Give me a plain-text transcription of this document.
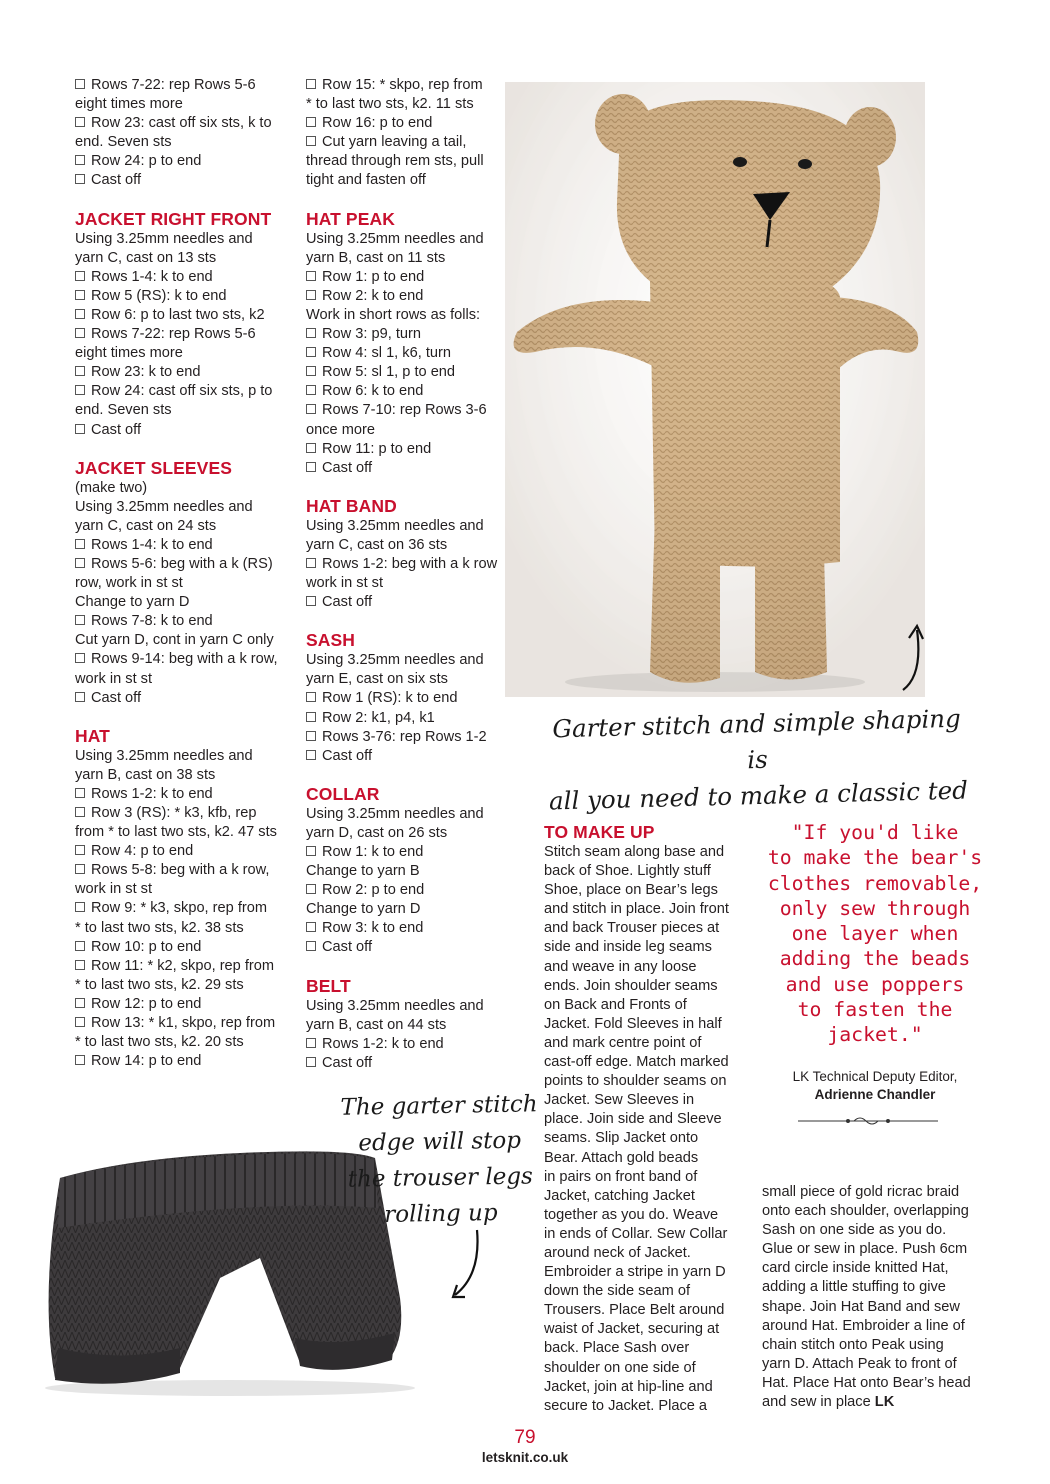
Rows 7-22: rep Rows 5-6

eight times more

Row 23: cast off six sts, k to

end. Seven sts

Row 24: p to end

Cast off

JACKET RIGHT FRONT

Using 3.25mm needles and

yarn C, cast on 13 sts

Rows 1-4: k to end

Row 5 (RS): k to end

Row 6: p to last two sts, k2

Rows 7-22: rep Rows 5-6

eight times more

Row 23: k to end

Row 24: cast off six sts, p to

end. Seven sts

Cast off

JACKET SLEEVES

(make two)

Using 3.25mm needles and

yarn C, cast on 24 sts

Rows 1-4: k to end

Rows 5-6: beg with a k (RS)

row, work in st st

Change to yarn D

Rows 7-8: k to end

Cut yarn D, cont in yarn C only

Rows 9-14: beg with a k row,

work in st st

Cast off

HAT

Using 3.25mm needles and

yarn B, cast on 38 sts

Rows 1-2: k to end

Row 3 (RS): * k3, kfb, rep

from * to last two sts, k2. 47 sts

Row 4: p to end

Rows 5-8: beg with a k row,

work in st st

Row 9: * k3, skpo, rep from

* to last two sts, k2. 38 sts

Row 10: p to end

Row 11: * k2, skpo, rep from

* to last two sts, k2. 29 sts

Row 12: p to end

Row 13: * k1, skpo, rep from

* to last two sts, k2. 20 sts

Row 14: p to end

Row 15: * skpo, rep from

* to last two sts, k2. 11 sts

Row 16: p to end

Cut yarn leaving a tail,

thread through rem sts, pull

tight and fasten off

HAT PEAK

Using 3.25mm needles and

yarn B, cast on 11 sts

Row 1: p to end

Row 2: k to end

Work in short rows as folls:

Row 3: p9, turn

Row 4: sl 1, k6, turn

Row 5: sl 1, p to end

Row 6: k to end

Rows 7-10: rep Rows 3-6

once more

Row 11: p to end

Cast off

HAT BAND

Using 3.25mm needles and

yarn C, cast on 36 sts

Rows 1-2: beg with a k row

work in st st

Cast off

SASH

Using 3.25mm needles and

yarn E, cast on six sts

Row 1 (RS): k to end

Row 2: k1, p4, k1

Rows 3-76: rep Rows 1-2

Cast off

COLLAR

Using 3.25mm needles and

yarn D, cast on 26 sts

Row 1: k to end

Change to yarn B

Row 2: p to end

Change to yarn D

Row 3: k to end

Cast off

BELT

Using 3.25mm needles and

yarn B, cast on 44 sts

Rows 1-2: k to end

Cast off

TO MAKE UP

Stitch seam along base and

back of Shoe. Lightly stuff

Shoe, place on Bear’s legs

and stitch in place. Join front

and back Trouser pieces at

side and inside leg seams

and weave in any loose

ends. Join shoulder seams

on Back and Fronts of

Jacket. Fold Sleeves in half

and mark centre point of

cast-off edge. Match marked

points to shoulder seams on

Jacket. Sew Sleeves in

place. Join side and Sleeve

seams. Slip Jacket onto

Bear. Attach gold beads

in pairs on front band of

Jacket, catching Jacket

together as you do. Weave

in ends of Collar. Sew Collar

around neck of Jacket.

Embroider a stripe in yarn D

down the side seam of

Trousers. Place Belt around

waist of Jacket, securing at

back. Place Sash over

shoulder on one side of

Jacket, join at hip-line and

secure to Jacket. Place a

small piece of gold ricrac braid

onto each shoulder, overlapping

Sash on one side as you do.

Glue or sew in place. Push 6cm

card circle inside knitted Hat,

adding a little stuffing to give

shape. Join Hat Band and sew

around Hat. Embroider a line of

chain stitch onto Peak using

yarn D. Attach Peak to front of

Hat. Place Hat onto Bear’s head

and sew in place LK

Garter stitch and simple shaping is
all you need to make a classic ted
The garter stitch
edge will stop
the trouser legs
rolling up
"If you'd like
to make the bear's
clothes removable,
only sew through
one layer when
adding the beads
and use poppers
to fasten the
jacket."
LK Technical Deputy Editor,
Adrienne Chandler
79
letsknit.co.uk
